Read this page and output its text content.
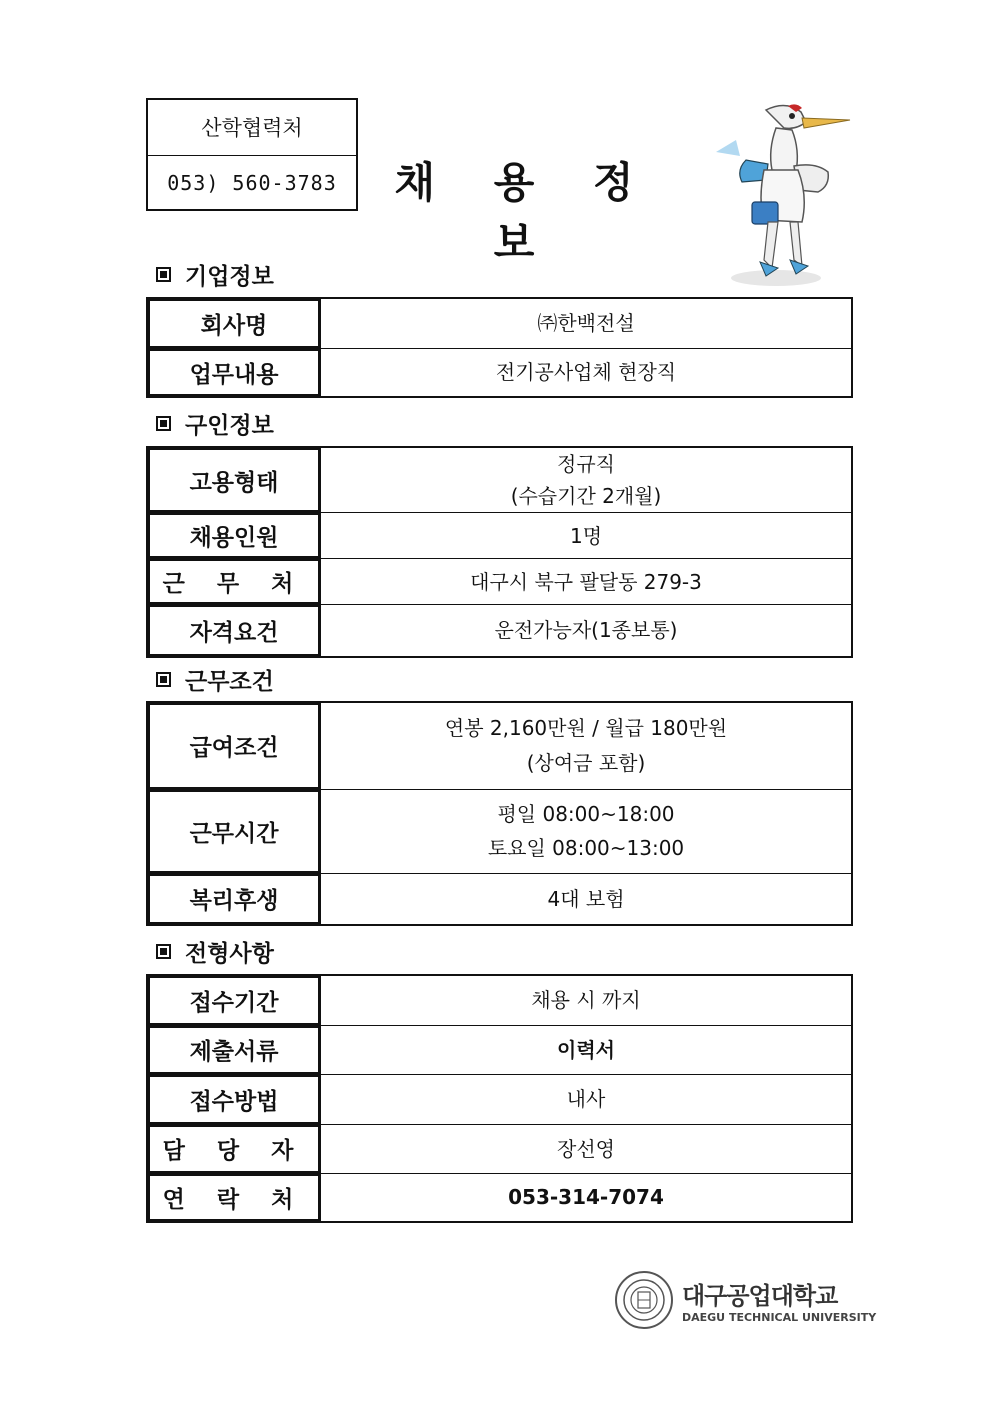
산학협력처
053) 560-3783	채 용 정 보
기업정보
회사명	㈜한백전설
업무내용	전기공사업체 현장직
구인정보
고용형태	정규직
(수습기간 2개월)

채용인원	1명
근 무 처	대구시 북구 팔달동 279-3
자격요건	운전가능자(1종보통)
근무조건
급여조건	연봉 2,160만원 / 월급 180만원
(상여금 포함)

근무시간	평일 08:00~18:00
토요일 08:00~13:00

복리후생	4대 보험
전형사항
접수기간	채용 시 까지
제출서류	이력서
접수방법	내사
담 당 자	장선영
연 락 처	053-314-7074
대구공업대학교
DAEGU TECHNICAL UNIVERSITY
